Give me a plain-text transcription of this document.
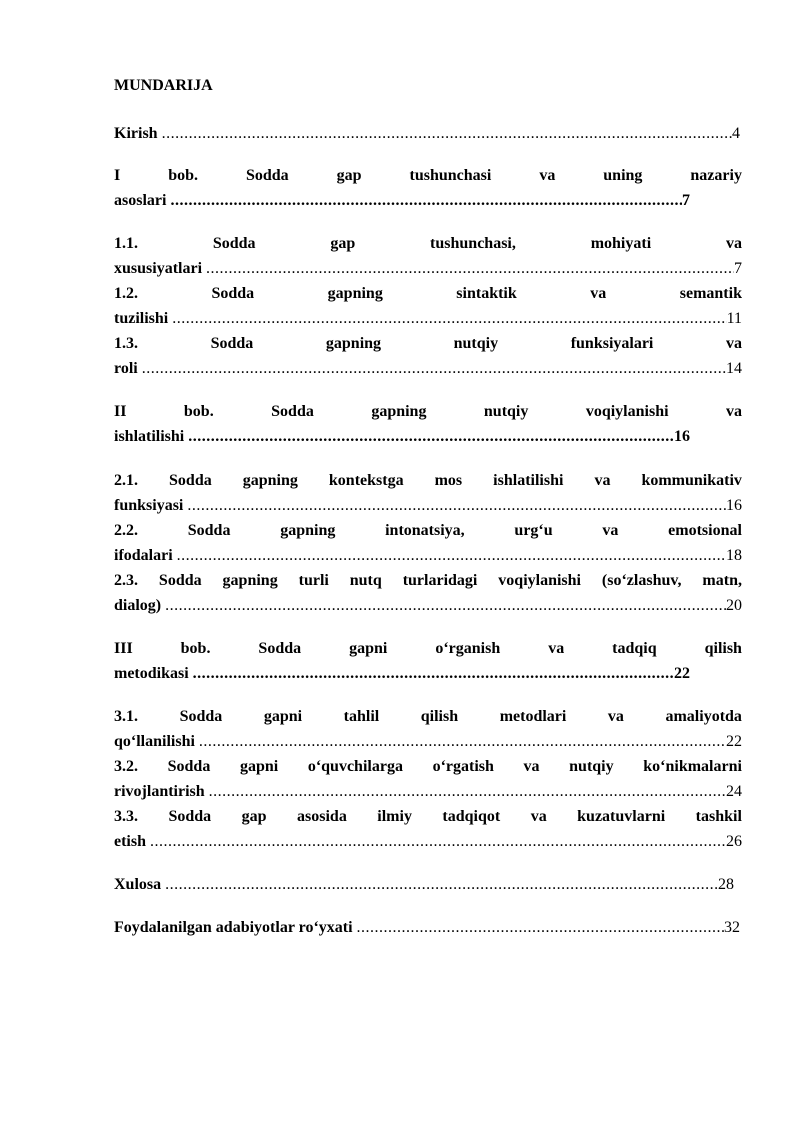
MUNDARIJA
Kirish .....	4
I	bob.	Sodda	gap	tushunchasi	va	uning	nazariy
asoslari .....	7
1.1.	Sodda	gap	tushunchasi,	mohiyati	va
xususiyatlari .....	7
1.2.	Sodda	gapning	sintaktik	va	semantik
tuzilishi .....	11
1.3.	Sodda	gapning	nutqiy	funksiyalari	va
roli .....	14
II	bob.	Sodda	gapning	nutqiy	voqiylanishi	va
ishlatilishi .....	16
2.1. Sodda gapning kontekstga mos ishlatilishi va kommunikativ
funksiyasi .....	16
2.2.	Sodda	gapning	intonatsiya,	urg‘u	va	emotsional
ifodalari .....	18
2.3. Sodda gapning turli nutq turlaridagi voqiylanishi (so‘zlashuv, matn,
dialog) .....	20
III	bob.	Sodda	gapni	o‘rganish	va	tadqiq	qilish
metodikasi .....	22
3.1.	Sodda	gapni	tahlil	qilish	metodlari	va	amaliyotda
qo‘llanilishi .....	22
3.2. Sodda gapni o‘quvchilarga o‘rgatish va nutqiy ko‘nikmalarni
rivojlantirish .....	24
3.3. Sodda gap asosida ilmiy tadqiqot va kuzatuvlarni tashkil
etish .....	26
Xulosa .....	28
Foydalanilgan adabiyotlar ro‘yxati .....	32
